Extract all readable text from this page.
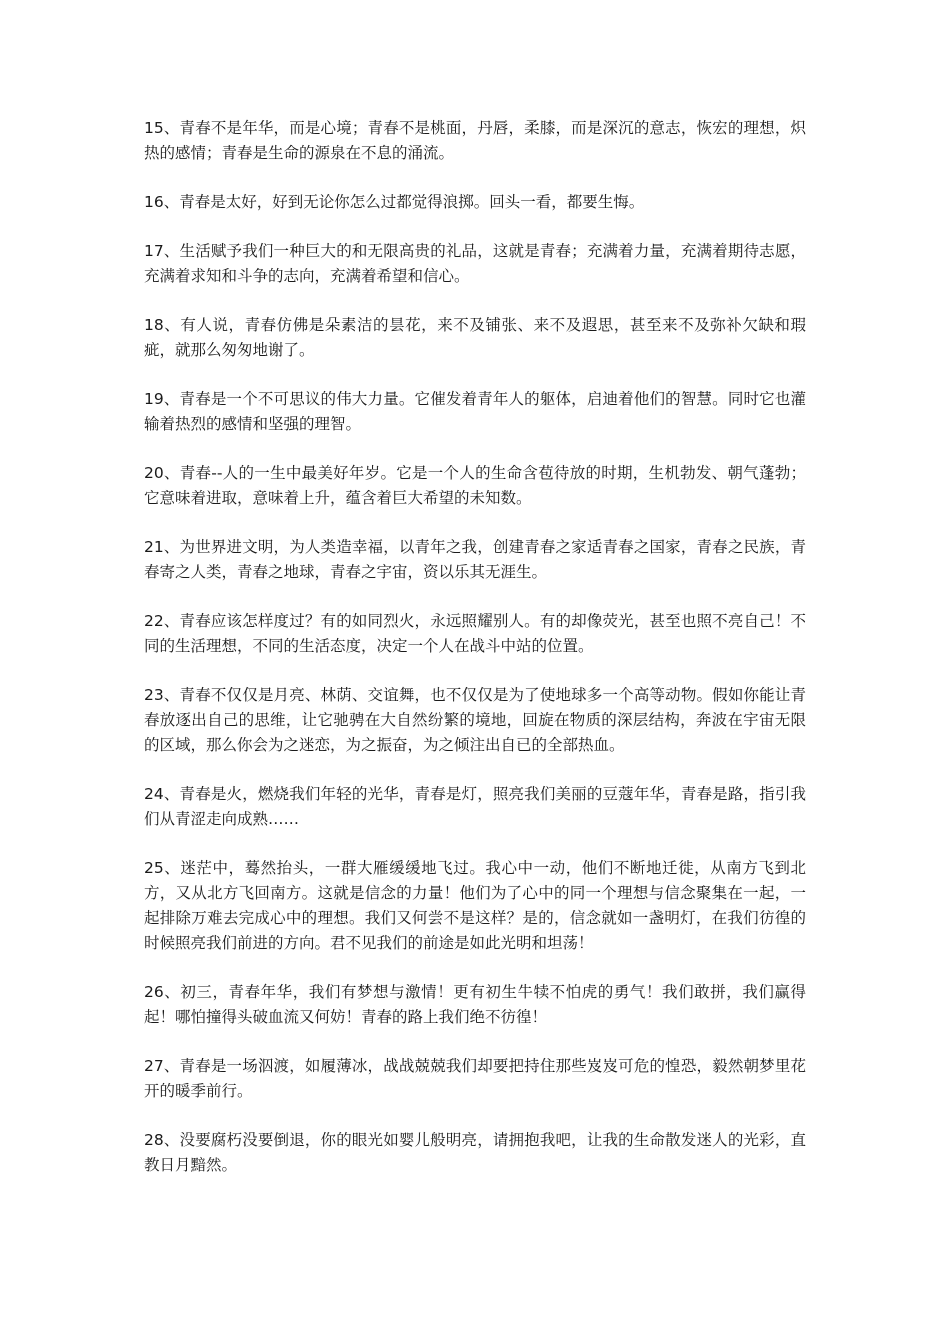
15、青春不是年华，而是心境；青春不是桃面，丹唇，柔膝，而是深沉的意志，恢宏的理想，炽热的感情；青春是生命的源泉在不息的涌流。

16、青春是太好，好到无论你怎么过都觉得浪掷。回头一看，都要生悔。

17、生活赋予我们一种巨大的和无限高贵的礼品，这就是青春；充满着力量，充满着期待志愿，充满着求知和斗争的志向，充满着希望和信心。

18、有人说，青春仿佛是朵素洁的昙花，来不及铺张、来不及遐思，甚至来不及弥补欠缺和瑕疵，就那么匆匆地谢了。

19、青春是一个不可思议的伟大力量。它催发着青年人的躯体，启迪着他们的智慧。同时它也灌输着热烈的感情和坚强的理智。

20、青春--人的一生中最美好年岁。它是一个人的生命含苞待放的时期，生机勃发、朝气蓬勃；它意味着进取，意味着上升，蕴含着巨大希望的未知数。

21、为世界进文明，为人类造幸福，以青年之我，创建青春之家适青春之国家，青春之民族，青春寄之人类，青春之地球，青春之宇宙，资以乐其无涯生。

22、青春应该怎样度过？有的如同烈火，永远照耀别人。有的却像荧光，甚至也照不亮自己！不同的生活理想，不同的生活态度，决定一个人在战斗中站的位置。

23、青春不仅仅是月亮、林荫、交谊舞，也不仅仅是为了使地球多一个高等动物。假如你能让青春放逐出自己的思维，让它驰骋在大自然纷繁的境地，回旋在物质的深层结构，奔波在宇宙无限的区域，那么你会为之迷恋，为之振奋，为之倾注出自已的全部热血。

24、青春是火，燃烧我们年轻的光华，青春是灯，照亮我们美丽的豆蔻年华，青春是路，指引我们从青涩走向成熟……

25、迷茫中，蓦然抬头，一群大雁缓缓地飞过。我心中一动，他们不断地迁徙，从南方飞到北方，又从北方飞回南方。这就是信念的力量！他们为了心中的同一个理想与信念聚集在一起，一起排除万难去完成心中的理想。我们又何尝不是这样？是的，信念就如一盏明灯，在我们彷徨的时候照亮我们前进的方向。君不见我们的前途是如此光明和坦荡！

26、初三，青春年华，我们有梦想与激情！更有初生牛犊不怕虎的勇气！我们敢拼，我们赢得起！哪怕撞得头破血流又何妨！青春的路上我们绝不彷徨！

27、青春是一场泅渡，如履薄冰，战战兢兢我们却要把持住那些岌岌可危的惶恐，毅然朝梦里花开的暖季前行。

28、没要腐朽没要倒退，你的眼光如婴儿般明亮，请拥抱我吧，让我的生命散发迷人的光彩，直教日月黯然。
